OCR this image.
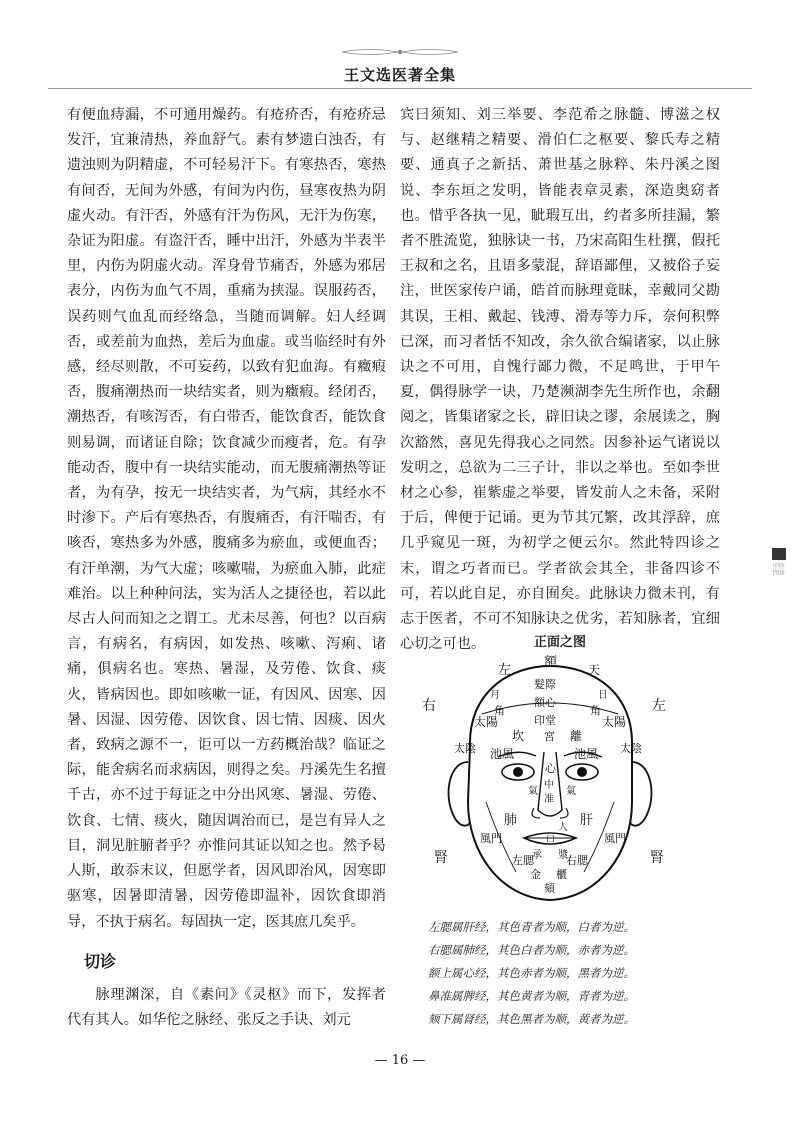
王文选医著全集

有便血痔漏，不可通用燥药。有疮疥否，有疮疥忌发汗，宜兼清热，养血舒气。素有梦遗白浊否，有遗浊则为阴精虚，不可轻易汗下。有寒热否，寒热有间否，无间为外感，有间为内伤，昼寒夜热为阴虚火动。有汗否，外感有汗为伤风，无汗为伤寒，杂证为阳虚。有盗汗否，睡中出汗，外感为半表半里，内伤为阴虚火动。浑身骨节痛否，外感为邪居表分，内伤为血气不周，重痛为挟湿。误服药否，误药则气血乱而经络急，当随而调解。妇人经调否，或差前为血热，差后为血虚。或当临经时有外感，经尽则散，不可妄药，以致有犯血海。有癥瘕否，腹痛潮热而一块结实者，则为癥瘕。经闭否，潮热否，有咳泻否，有白带否，能饮食否，能饮食则易调，而诸证自除；饮食减少而瘦者，危。有孕能动否，腹中有一块结实能动，而无腹痛潮热等证者，为有孕，按无一块结实者，为气病，其经水不时渗下。产后有寒热否，有腹痛否，有汗喘否，有咳否，寒热多为外感，腹痛多为瘀血，或便血否；有汗单潮，为气大虚；咳嗽喘，为瘀血入肺，此症难治。以上种种问法，实为活人之捷径也，若以此尽古人问而知之之谓工。尤未尽善，何也？以百病言，有病名，有病因，如发热、咳嗽、泻痢、诸痛，俱病名也。寒热、暑湿，及劳倦、饮食、痰火，皆病因也。即如咳嗽一证，有因风、因寒、因暑、因湿、因劳倦、因饮食、因七情、因痰、因火者，致病之源不一，讵可以一方药概治哉？临证之际，能舍病名而求病因，则得之矣。丹溪先生名擅千古，亦不过于每证之中分出风寒、暑湿、劳倦、饮食、七情、痰火，随因调治而已，是岂有异人之目，洞见脏腑者乎？亦惟问其证以知之也。然予曷人斯，敢忝末议，但愿学者，因风即治风，因寒即驱寒，因暑即清暑，因劳倦即温补，因饮食即消导，不执于病名。每固执一定，医其庶几矣乎。

切诊

脉理渊深，自《素问》《灵枢》而下，发挥者代有其人。如华佗之脉经、张反之手诀、刘元

宾曰须知、刘三举要、李范希之脉髓、博滋之权与、赵继精之精要、滑伯仁之枢要、黎氏寿之精要、通真子之新括、萧世基之脉粹、朱丹溪之图说、李东垣之发明，皆能表章灵素，深造奥窈者也。惜乎各执一见，眦瑕互出，约者多所挂漏，繁者不胜流览，独脉诀一书，乃宋高阳生杜撰，假托王叔和之名，且语多蒙混，辞语鄙俚，又被俗子妄注，世医家传户诵，皓首而脉理竟昧，幸戴同父勘其误，王相、戴起、钱溥、滑寿等力斥，奈何积弊已深，而习者恬不知改，余久欲合编诸家，以止脉诀之不可用，自愧行鄙力微，不足鸣世，于甲午夏，偶得脉学一诀，乃楚濒湖李先生所作也，余翻阅之，皆集诸家之长，辟旧诀之谬，余展读之，胸次豁然，喜见先得我心之同然。因参补运气诸说以发明之，总欲为二三子计，非以之举也。至如李世材之心参，崔紫虚之举要，皆发前人之未备，采附于后，俾便于记诵。更为节其冗繁，改其浮辞，庶几乎窥见一斑，为初学之便云尔。然此特四诊之末，谓之巧者而已。学者欲会其全，非备四诊不可，若以此自足，亦自囿矣。此脉诀力微未刊，有志于医者，不可不知脉诀之优劣，若知脉者，宜细心切之可也。	正面之图
左
額	天
右	左
月	日
角	角
太陽	太陽
太陰	太陰
髮際
額心
印堂
宮
坎	離
池風	池風
氣	氣
肝
肺
心
腎	腎
中
准
人
風門	風門
左腮	右腮
承 漿
口
金 櫃
頦
左腮属肝经，其色青者为顺，白者为逆。
右腮属肺经，其色白者为顺，赤者为逆。
额上属心经，其色赤者为顺，黑者为逆。
鼻准属脾经，其色黄者为顺，青者为逆。
颏下属肾经，其色黑者为顺，黄者为逆。
中医四诊
— 16 —
